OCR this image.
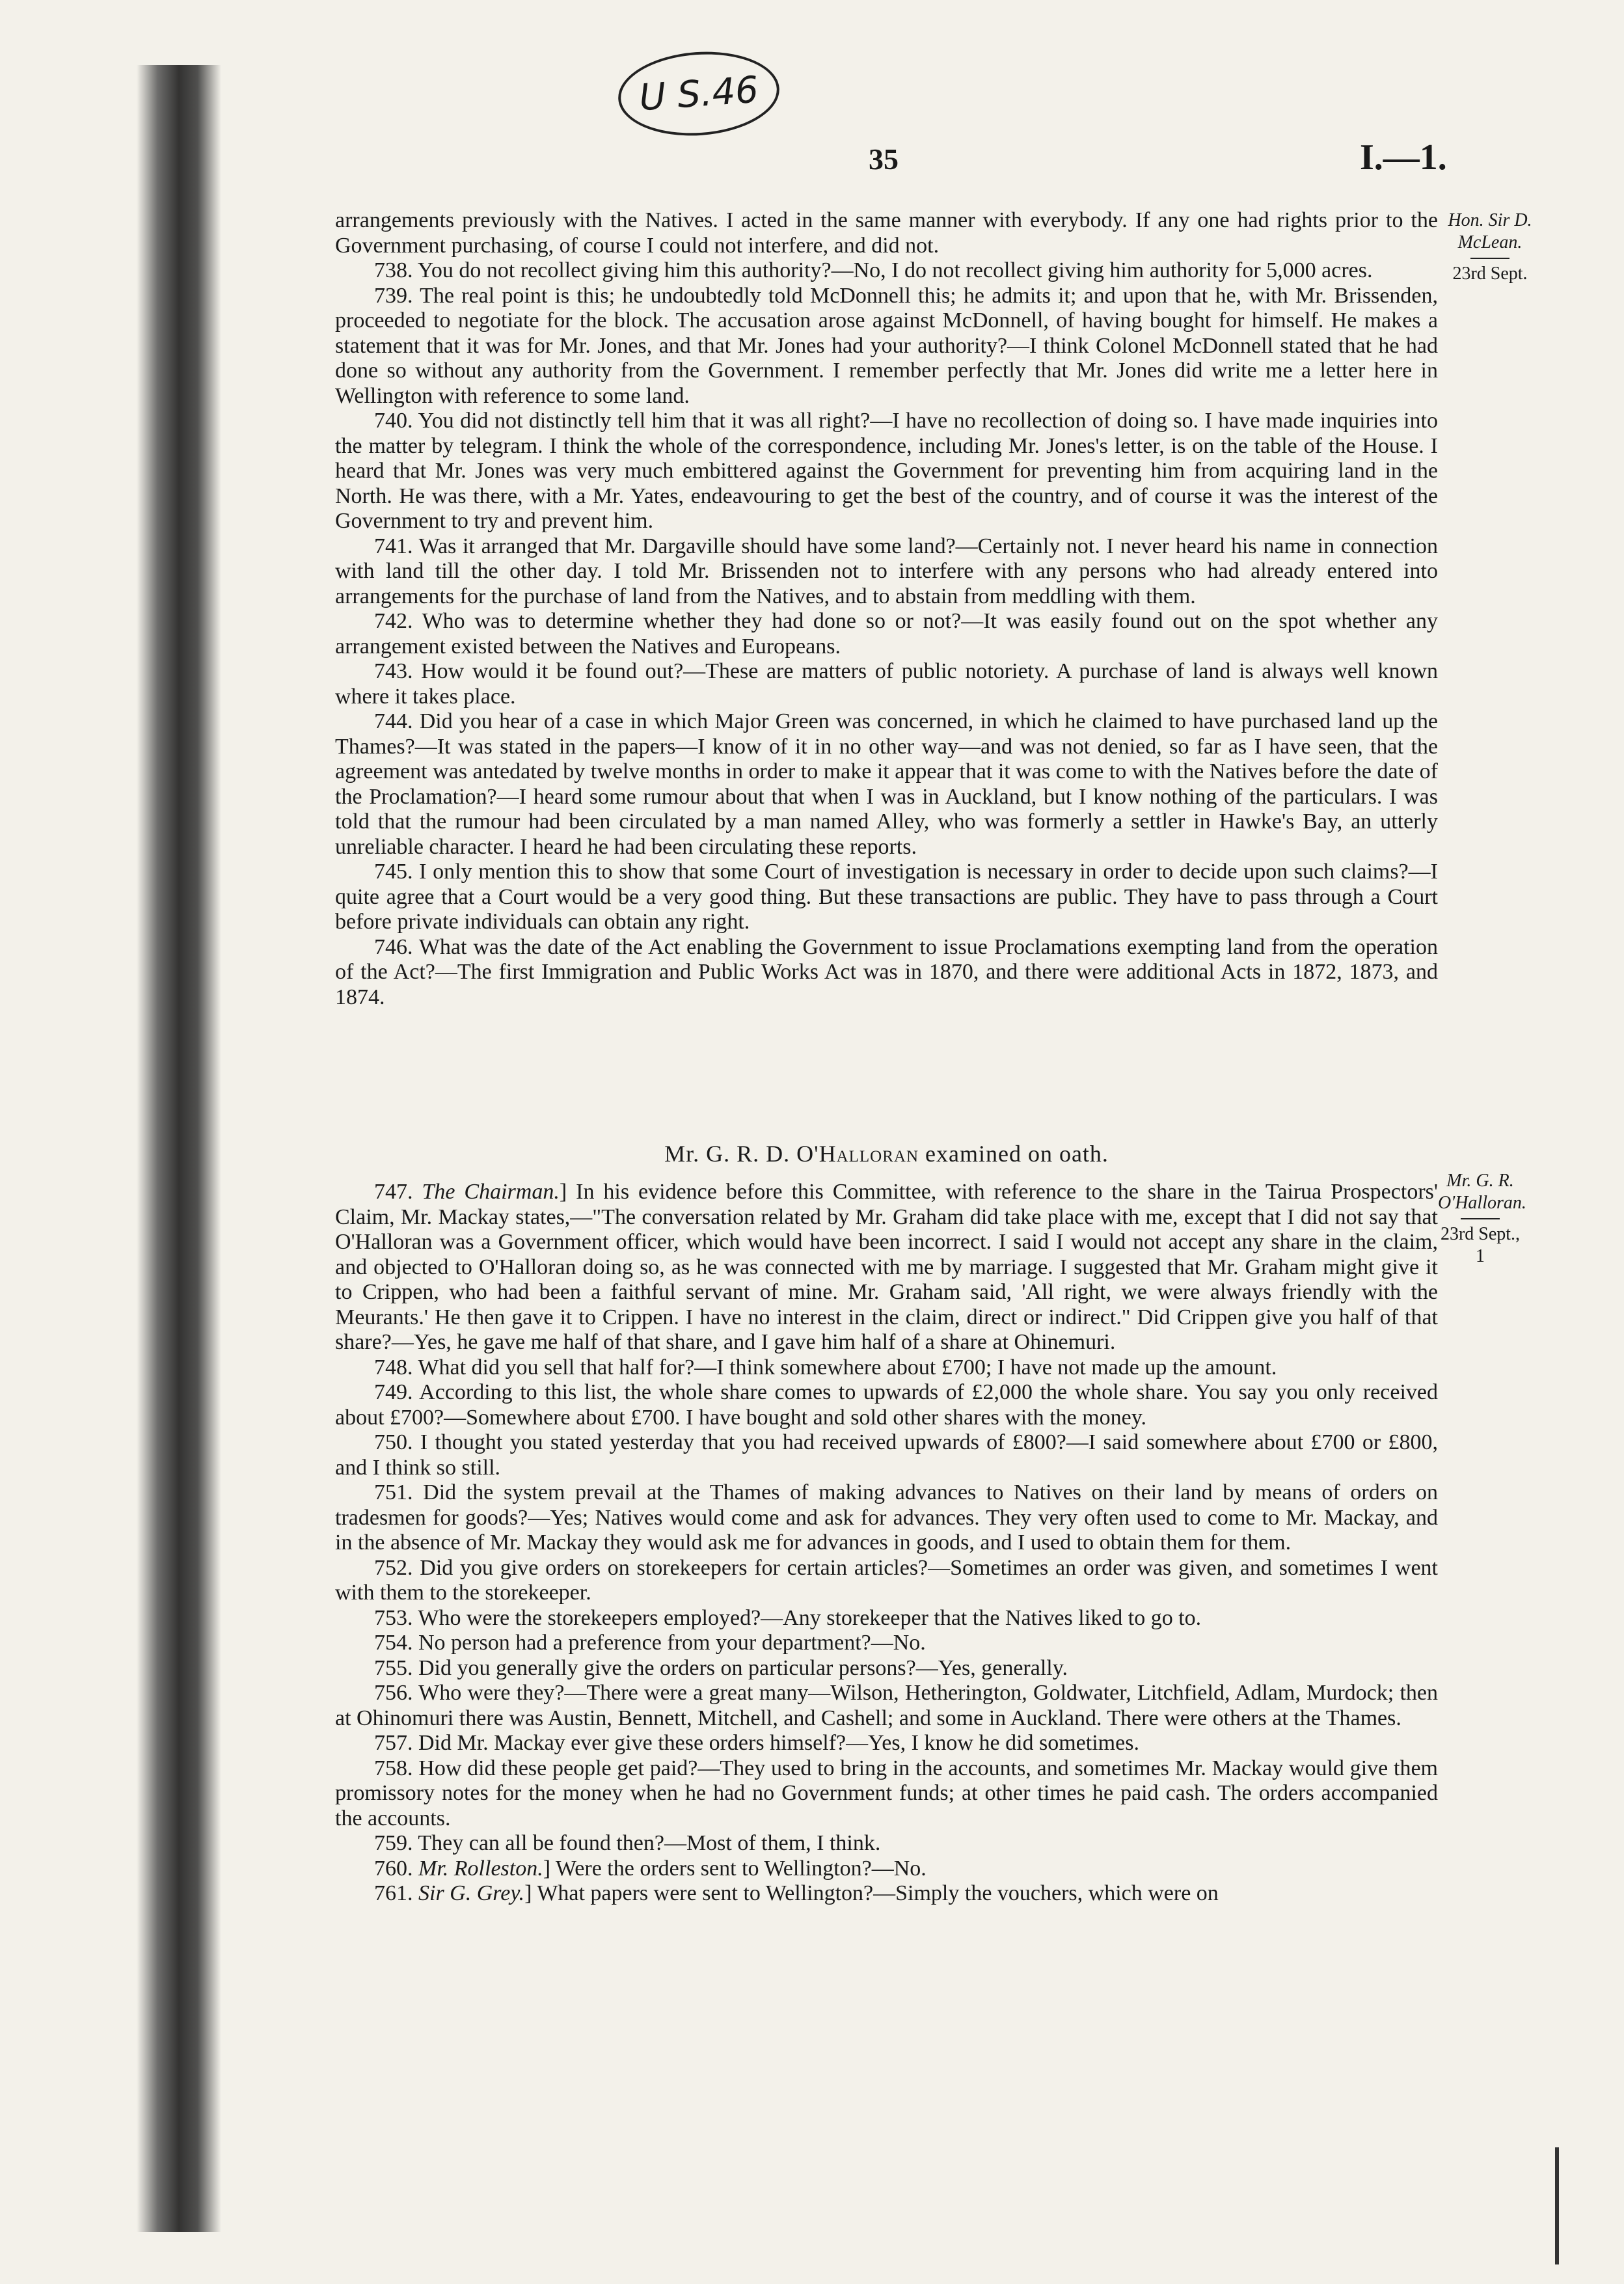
U S.46
35	I.—1.
Hon. Sir D. McLean.
23rd Sept.

arrangements previously with the Natives. I acted in the same manner with everybody. If any one had rights prior to the Government purchasing, of course I could not interfere, and did not.

738. You do not recollect giving him this authority?—No, I do not recollect giving him authority for 5,000 acres.

739. The real point is this; he undoubtedly told McDonnell this; he admits it; and upon that he, with Mr. Brissenden, proceeded to negotiate for the block. The accusation arose against McDonnell, of having bought for himself. He makes a statement that it was for Mr. Jones, and that Mr. Jones had your authority?—I think Colonel McDonnell stated that he had done so without any authority from the Government. I remember perfectly that Mr. Jones did write me a letter here in Wellington with reference to some land.

740. You did not distinctly tell him that it was all right?—I have no recollection of doing so. I have made inquiries into the matter by telegram. I think the whole of the correspondence, including Mr. Jones's letter, is on the table of the House. I heard that Mr. Jones was very much embittered against the Government for preventing him from acquiring land in the North. He was there, with a Mr. Yates, endeavouring to get the best of the country, and of course it was the interest of the Government to try and prevent him.

741. Was it arranged that Mr. Dargaville should have some land?—Certainly not. I never heard his name in connection with land till the other day. I told Mr. Brissenden not to interfere with any persons who had already entered into arrangements for the purchase of land from the Natives, and to abstain from meddling with them.

742. Who was to determine whether they had done so or not?—It was easily found out on the spot whether any arrangement existed between the Natives and Europeans.

743. How would it be found out?—These are matters of public notoriety. A purchase of land is always well known where it takes place.

744. Did you hear of a case in which Major Green was concerned, in which he claimed to have purchased land up the Thames?—It was stated in the papers—I know of it in no other way—and was not denied, so far as I have seen, that the agreement was antedated by twelve months in order to make it appear that it was come to with the Natives before the date of the Proclamation?—I heard some rumour about that when I was in Auckland, but I know nothing of the particulars. I was told that the rumour had been circulated by a man named Alley, who was formerly a settler in Hawke's Bay, an utterly unreliable character. I heard he had been circulating these reports.

745. I only mention this to show that some Court of investigation is necessary in order to decide upon such claims?—I quite agree that a Court would be a very good thing. But these transactions are public. They have to pass through a Court before private individuals can obtain any right.

746. What was the date of the Act enabling the Government to issue Proclamations exempting land from the operation of the Act?—The first Immigration and Public Works Act was in 1870, and there were additional Acts in 1872, 1873, and 1874.

Mr. G. R. D. O'Halloran examined on oath.
Mr. G. R. O'Halloran.
23rd Sept., 1

747. The Chairman.] In his evidence before this Committee, with reference to the share in the Tairua Prospectors' Claim, Mr. Mackay states,—"The conversation related by Mr. Graham did take place with me, except that I did not say that O'Halloran was a Government officer, which would have been incorrect. I said I would not accept any share in the claim, and objected to O'Halloran doing so, as he was connected with me by marriage. I suggested that Mr. Graham might give it to Crippen, who had been a faithful servant of mine. Mr. Graham said, 'All right, we were always friendly with the Meurants.' He then gave it to Crippen. I have no interest in the claim, direct or indirect." Did Crippen give you half of that share?—Yes, he gave me half of that share, and I gave him half of a share at Ohinemuri.

748. What did you sell that half for?—I think somewhere about £700; I have not made up the amount.

749. According to this list, the whole share comes to upwards of £2,000 the whole share. You say you only received about £700?—Somewhere about £700. I have bought and sold other shares with the money.

750. I thought you stated yesterday that you had received upwards of £800?—I said somewhere about £700 or £800, and I think so still.

751. Did the system prevail at the Thames of making advances to Natives on their land by means of orders on tradesmen for goods?—Yes; Natives would come and ask for advances. They very often used to come to Mr. Mackay, and in the absence of Mr. Mackay they would ask me for advances in goods, and I used to obtain them for them.

752. Did you give orders on storekeepers for certain articles?—Sometimes an order was given, and sometimes I went with them to the storekeeper.

753. Who were the storekeepers employed?—Any storekeeper that the Natives liked to go to.

754. No person had a preference from your department?—No.

755. Did you generally give the orders on particular persons?—Yes, generally.

756. Who were they?—There were a great many—Wilson, Hetherington, Goldwater, Litchfield, Adlam, Murdock; then at Ohinomuri there was Austin, Bennett, Mitchell, and Cashell; and some in Auckland. There were others at the Thames.

757. Did Mr. Mackay ever give these orders himself?—Yes, I know he did sometimes.

758. How did these people get paid?—They used to bring in the accounts, and sometimes Mr. Mackay would give them promissory notes for the money when he had no Government funds; at other times he paid cash. The orders accompanied the accounts.

759. They can all be found then?—Most of them, I think.

760. Mr. Rolleston.] Were the orders sent to Wellington?—No.

761. Sir G. Grey.] What papers were sent to Wellington?—Simply the vouchers, which were on
